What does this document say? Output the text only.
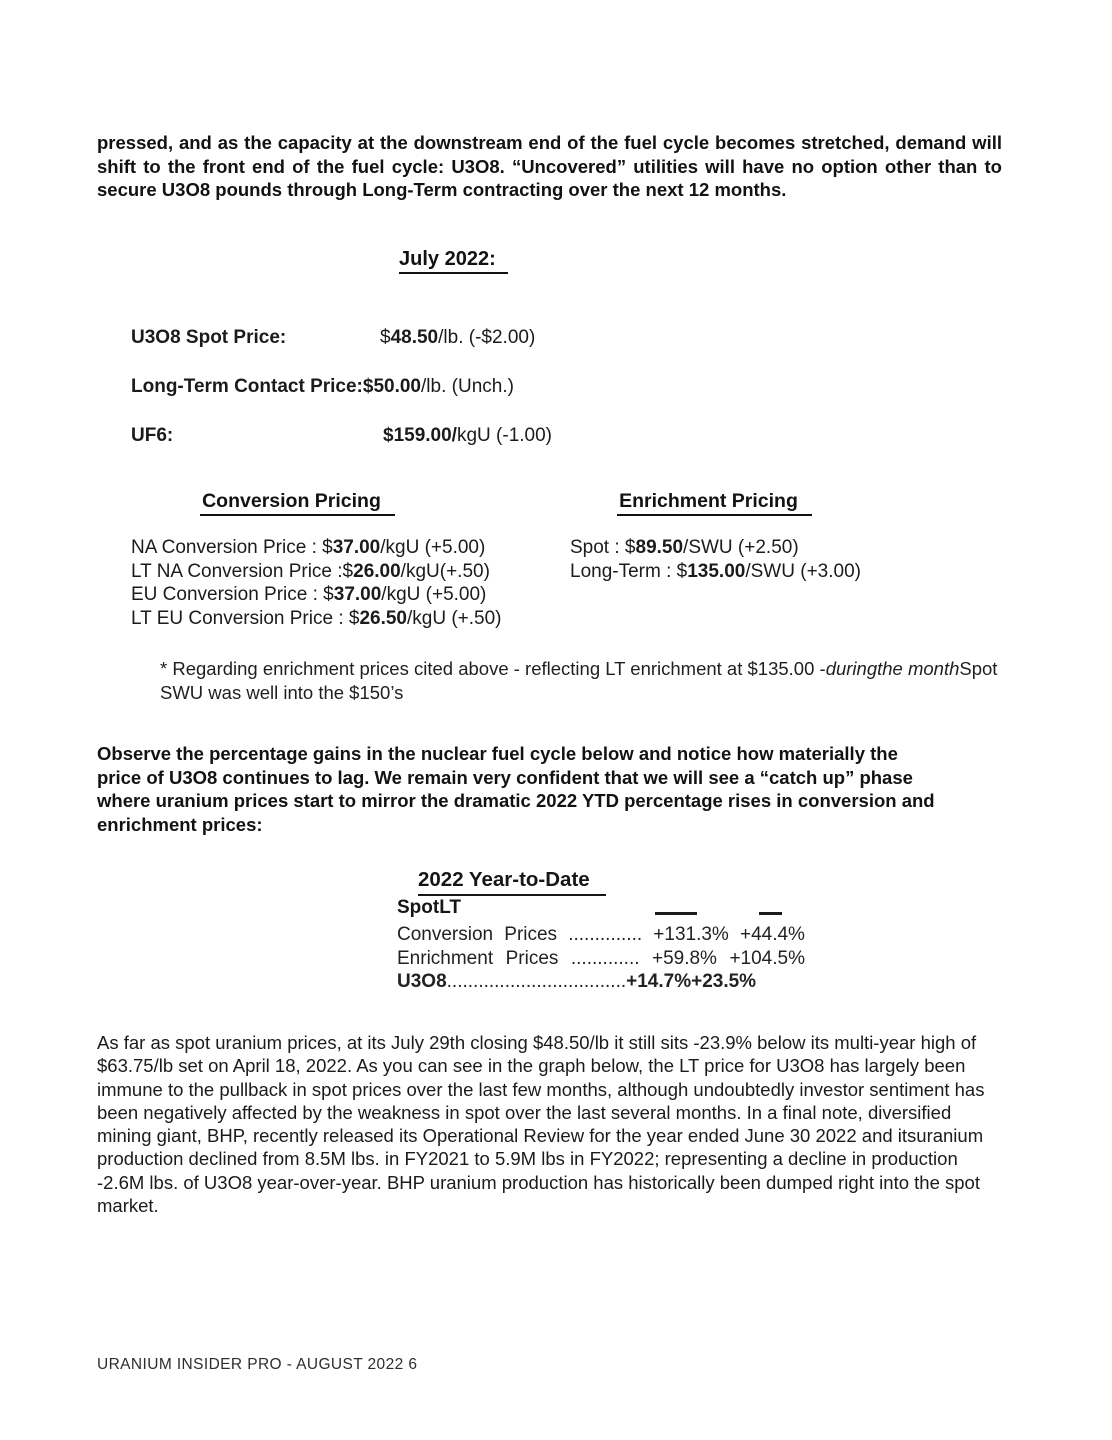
pressed, and as the capacity at the downstream end of the fuel cycle becomes stretched, demand will shift to the front end of the fuel cycle: U3O8. “Uncovered” utilities will have no option other than to secure U3O8 pounds through Long-Term contracting over the next 12 months.
July 2022:
U3O8 Spot Price:	$48.50/lb. (-$2.00)
Long-Term Contact Price:$50.00/lb. (Unch.)
UF6:	$159.00/kgU (-1.00)
Conversion Pricing	Enrichment Pricing
NA Conversion Price : $37.00/kgU (+5.00)
LT NA Conversion Price :$26.00/kgU(+.50)
EU Conversion Price : $37.00/kgU (+5.00)
LT EU Conversion Price : $26.50/kgU (+.50)
Spot : $89.50/SWU (+2.50)
Long-Term : $135.00/SWU (+3.00)
* Regarding enrichment prices cited above - reflecting LT enrichment at $135.00 -duringthe monthSpot SWU was well into the $150’s
Observe the percentage gains in the nuclear fuel cycle below and notice how materially the price of U3O8 continues to lag. We remain very confident that we will see a “catch up” phase where uranium prices start to mirror the dramatic 2022 YTD percentage rises in conversion and enrichment prices:
2022 Year-to-Date
SpotLT
Conversion Prices .............. +131.3% +44.4%
Enrichment Prices ............. +59.8% +104.5%
U3O8..................................+14.7%+23.5%
As far as spot uranium prices, at its July 29th closing $48.50/lb it still sits -23.9% below its multi-year high of $63.75/lb set on April 18, 2022. As you can see in the graph below, the LT price for U3O8 has largely been immune to the pullback in spot prices over the last few months, although undoubtedly investor sentiment has been negatively affected by the weakness in spot over the last several months. In a final note, diversified mining giant, BHP, recently released its Operational Review for the year ended June 30 2022 and itsuranium production declined from 8.5M lbs. in FY2021 to 5.9M lbs in FY2022; representing a decline in production -2.6M lbs. of U3O8 year-over-year. BHP uranium production has historically been dumped right into the spot market.
URANIUM INSIDER PRO - AUGUST 2022 6
